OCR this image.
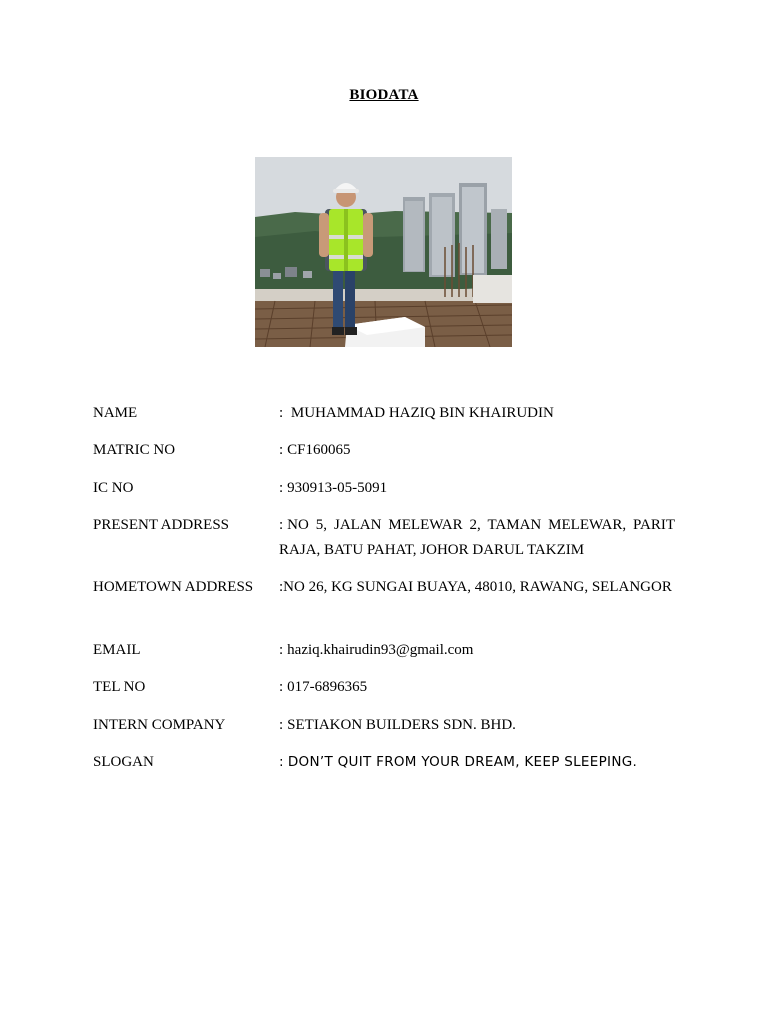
BIODATA
NAME	: MUHAMMAD HAZIQ BIN KHAIRUDIN
MATRIC NO	: CF160065
IC NO	: 930913-05-5091
PRESENT ADDRESS	: NO 5, JALAN MELEWAR 2, TAMAN MELEWAR, PARIT RAJA, BATU PAHAT, JOHOR DARUL TAKZIM
HOMETOWN ADDRESS	:NO 26, KG SUNGAI BUAYA, 48010, RAWANG, SELANGOR
EMAIL	: haziq.khairudin93@gmail.com
TEL NO	: 017-6896365
INTERN COMPANY	: SETIAKON BUILDERS SDN. BHD.
SLOGAN	: DON’T QUIT FROM YOUR DREAM, KEEP SLEEPING.
